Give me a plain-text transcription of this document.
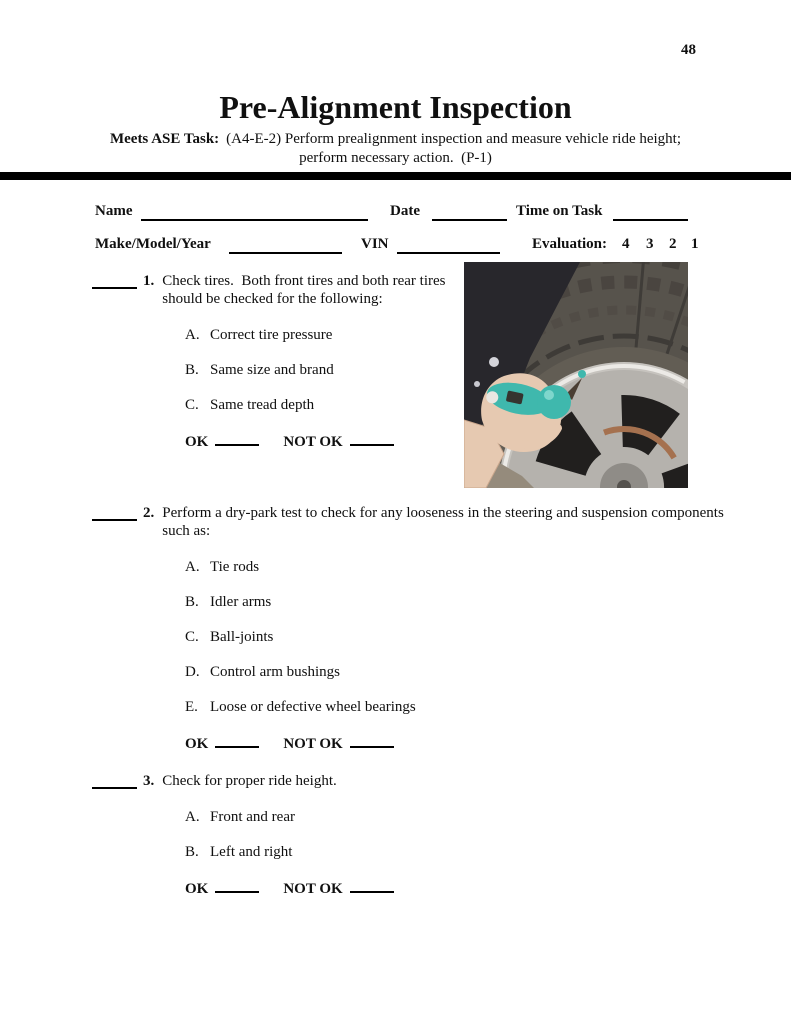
48
Pre-Alignment Inspection
Meets ASE Task: (A4-E-2) Perform prealignment inspection and measure vehicle ride height;
perform necessary action.  (P-1)
Name	Date	Time on Task
Make/Model/Year	VIN	Evaluation: 4 3 2 1
1. Check tires.  Both front tires and both rear tires should be checked for the following:
A. Correct tire pressure
B. Same size and brand
C. Same tread depth
OK	NOT OK
2. Perform a dry-park test to check for any looseness in the steering and suspension components such as:
A. Tie rods
B. Idler arms
C. Ball-joints
D. Control arm bushings
E. Loose or defective wheel bearings
OK	NOT OK
3. Check for proper ride height.
A. Front and rear
B. Left and right
OK	NOT OK
